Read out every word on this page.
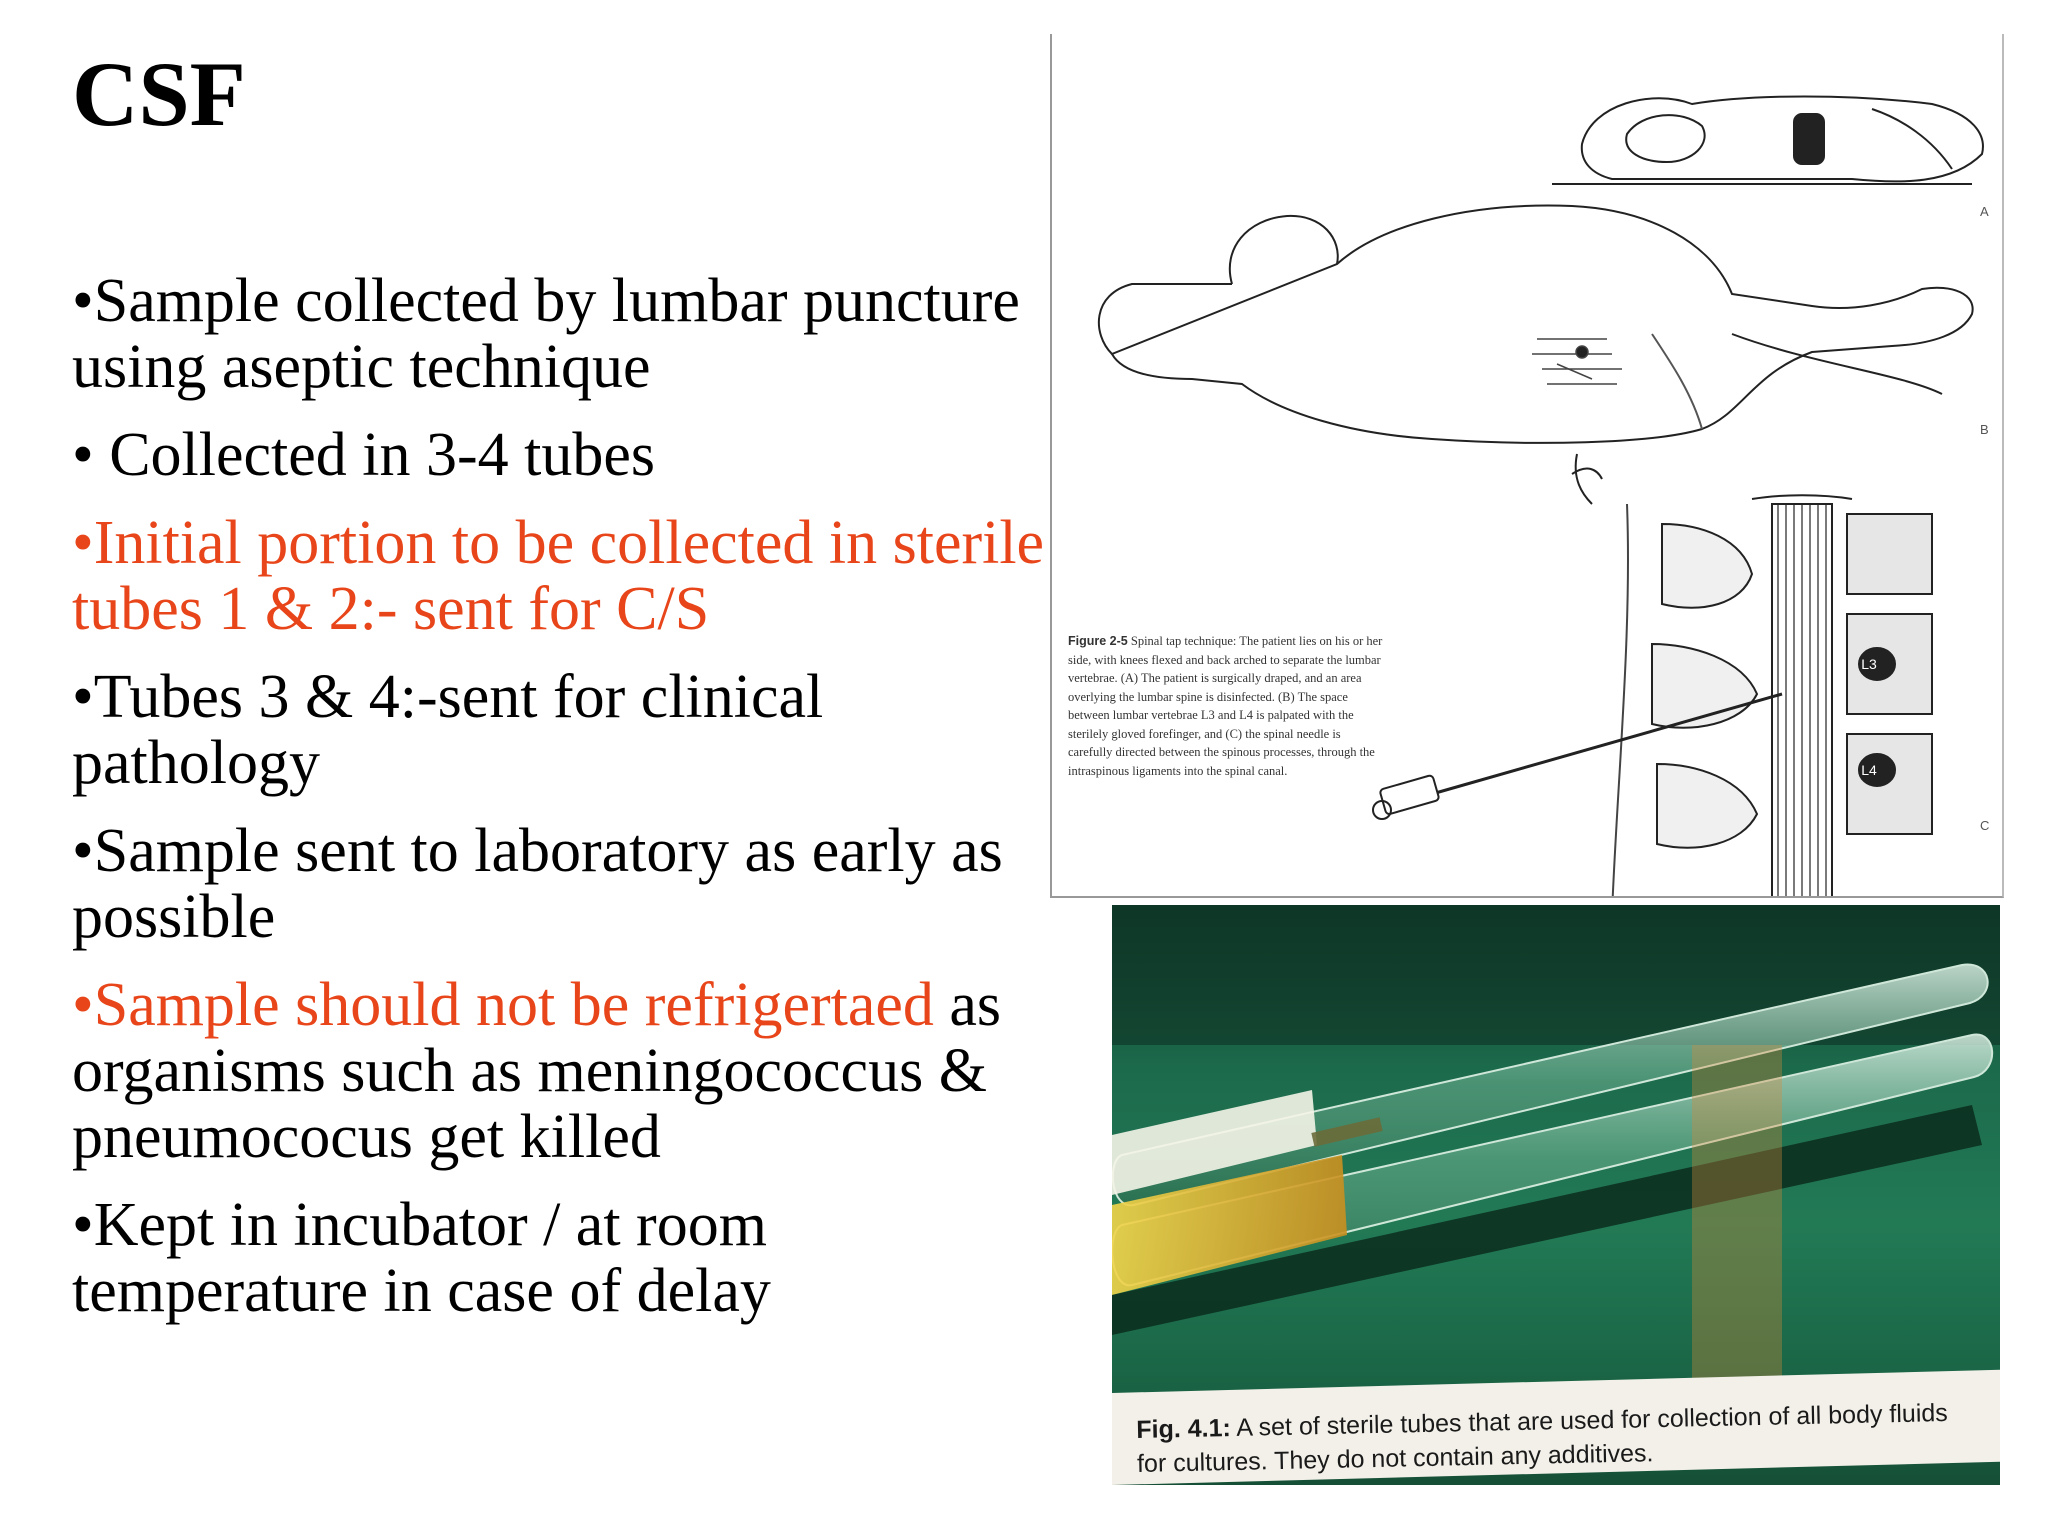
CSF
•Sample collected by lumbar puncture using aseptic technique
• Collected in 3-4 tubes
•Initial portion to be collected in sterile tubes 1 & 2:- sent for C/S
•Tubes 3 & 4:-sent for clinical pathology
•Sample sent to laboratory as early as possible
•Sample should not be refrigertaed as organisms such as meningococcus & pneumococus get killed
•Kept in incubator / at room temperature in case of delay
L3
L4
A
B
C
Figure 2-5 Spinal tap technique: The patient lies on his or her side, with knees flexed and back arched to separate the lumbar vertebrae. (A) The patient is surgically draped, and an area overlying the lumbar spine is disinfected. (B) The space between lumbar vertebrae L3 and L4 is palpated with the sterilely gloved forefinger, and (C) the spinal needle is carefully directed between the spinous processes, through the intraspinous ligaments into the spinal canal.
Fig. 4.1: A set of sterile tubes that are used for collection of all body fluids for cultures. They do not contain any additives.
